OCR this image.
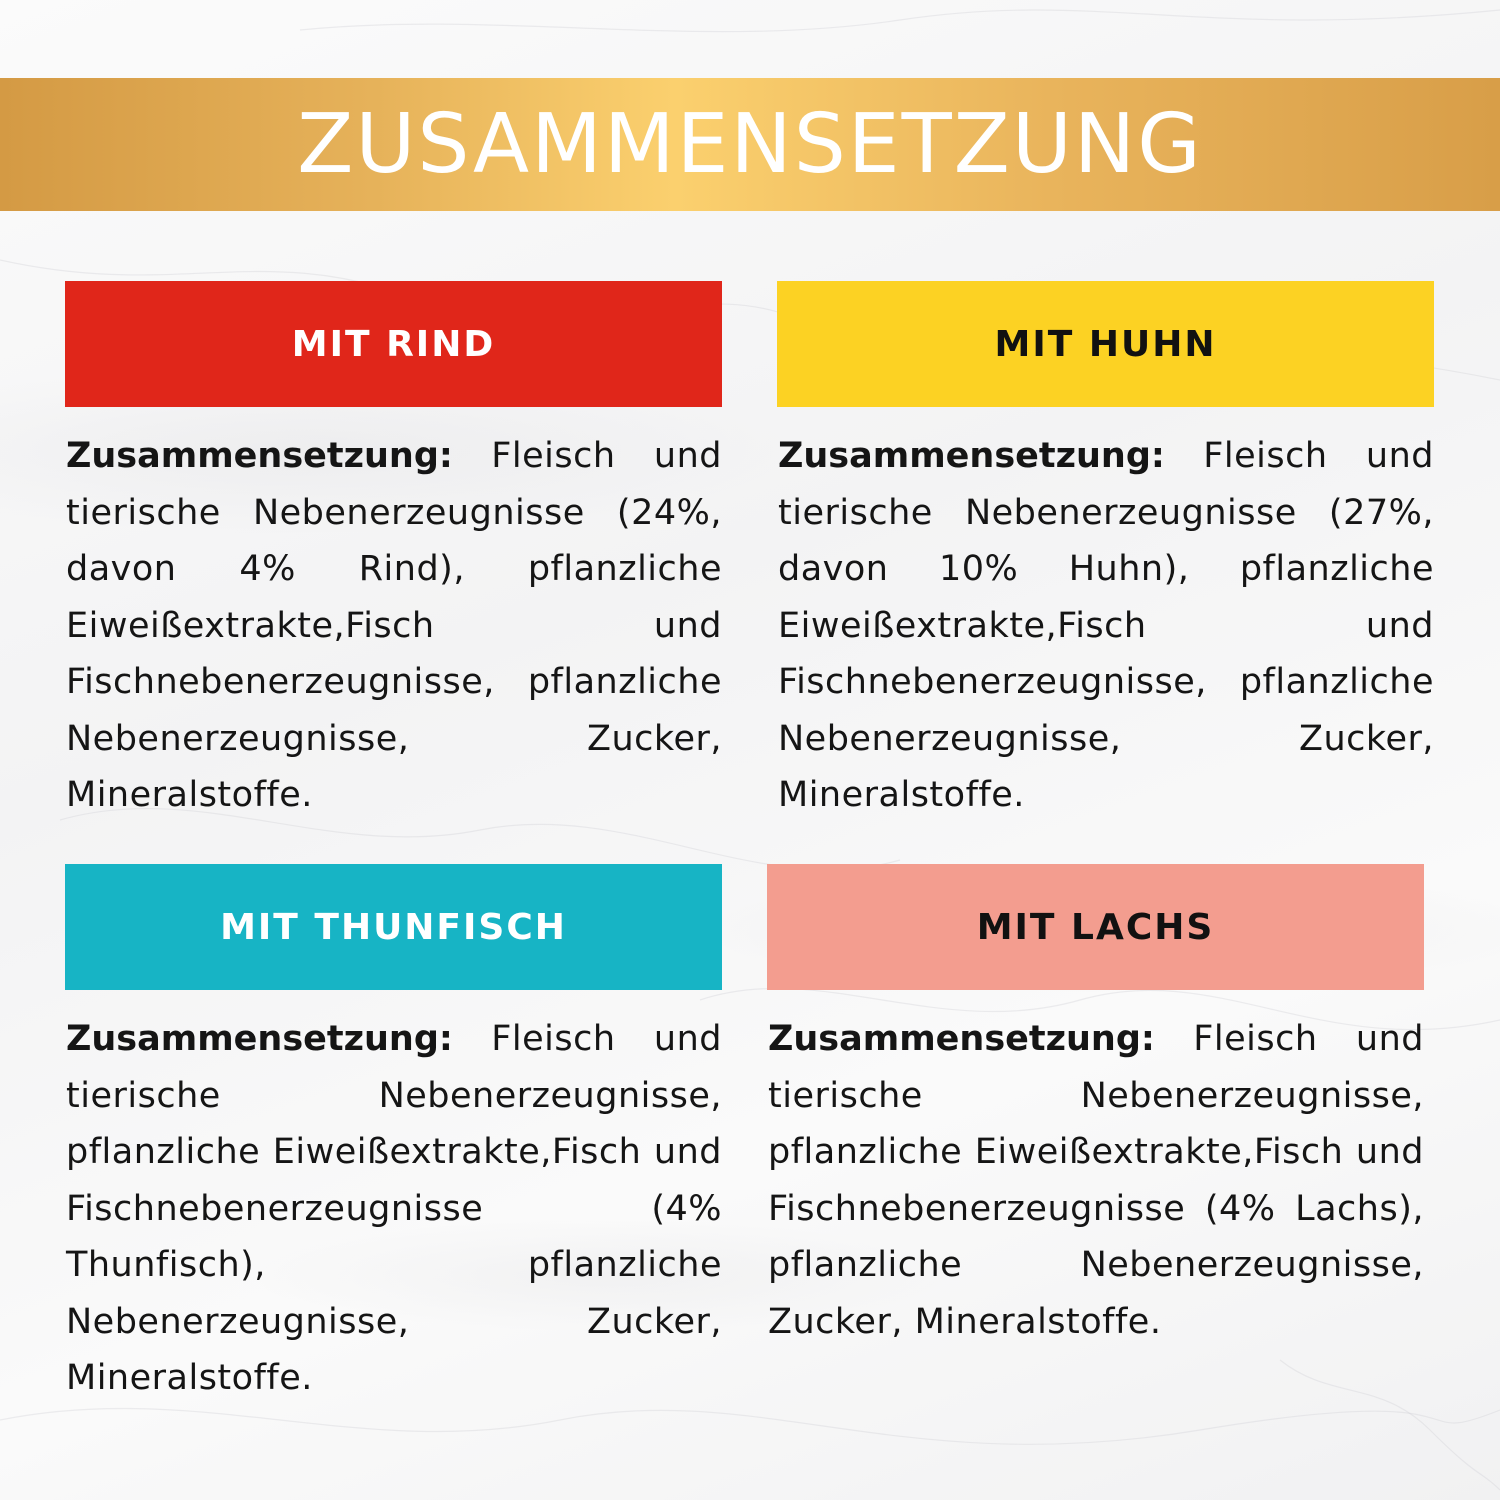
ZUSAMMENSETZUNG
MIT RIND
Zusammensetzung: Fleisch und tierische Nebenerzeugnisse (24%, davon 4% Rind), pflanzliche Eiweißextrakte,Fisch und Fischnebenerzeugnisse, pflanzliche Nebenerzeugnisse, Zucker, Mineralstoffe.
MIT HUHN
Zusammensetzung: Fleisch und tierische Nebenerzeugnisse (27%, davon 10% Huhn), pflanzliche Eiweißextrakte,Fisch und Fischnebenerzeugnisse, pflanzliche Nebenerzeugnisse, Zucker, Mineralstoffe.
MIT THUNFISCH
Zusammensetzung: Fleisch und tierische Nebenerzeugnisse, pflanzliche Eiweißextrakte,Fisch und Fischnebenerzeugnisse (4% Thunfisch), pflanzliche Nebenerzeugnisse, Zucker, Mineralstoffe.
MIT LACHS
Zusammensetzung: Fleisch und tierische Nebenerzeugnisse, pflanzliche Eiweißextrakte,Fisch und Fischnebenerzeugnisse (4% Lachs), pflanzliche Nebenerzeugnisse, Zucker, Mineralstoffe.
